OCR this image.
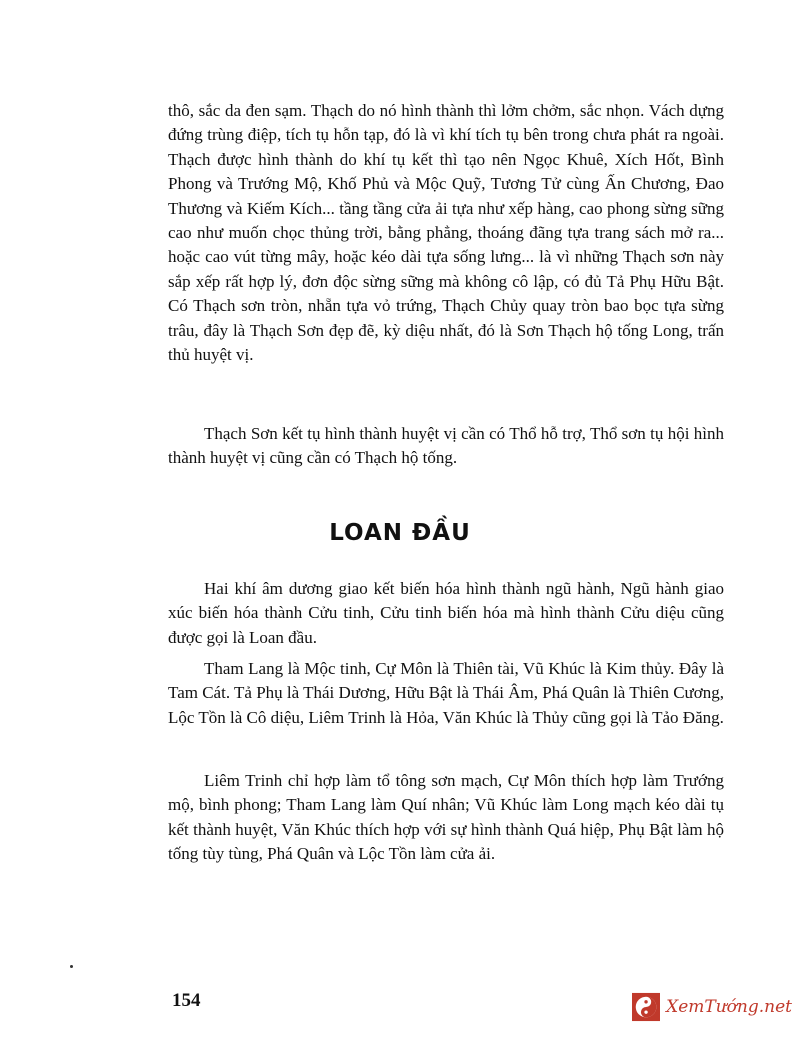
thô, sắc da đen sạm. Thạch do nó hình thành thì lởm chởm, sắc nhọn. Vách dựng đứng trùng điệp, tích tụ hỗn tạp, đó là vì khí tích tụ bên trong chưa phát ra ngoài. Thạch được hình thành do khí tụ kết thì tạo nên Ngọc Khuê, Xích Hốt, Bình Phong và Trướng Mộ, Khố Phủ và Mộc Quỹ, Tương Tử cùng Ấn Chương, Đao Thương và Kiếm Kích... tầng tầng cửa ải tựa như xếp hàng, cao phong sừng sững cao như muốn chọc thủng trời, bằng phẳng, thoáng đãng tựa trang sách mở ra... hoặc cao vút từng mây, hoặc kéo dài tựa sống lưng... là vì những Thạch sơn này sắp xếp rất hợp lý, đơn độc sừng sững mà không cô lập, có đủ Tả Phụ Hữu Bật. Có Thạch sơn tròn, nhẵn tựa vỏ trứng, Thạch Chủy quay tròn bao bọc tựa sừng trâu, đây là Thạch Sơn đẹp đẽ, kỳ diệu nhất, đó là Sơn Thạch hộ tống Long, trấn thủ huyệt vị.

Thạch Sơn kết tụ hình thành huyệt vị cần có Thổ hỗ trợ, Thổ sơn tụ hội hình thành huyệt vị cũng cần có Thạch hộ tống.

LOAN ĐẦU

Hai khí âm dương giao kết biến hóa hình thành ngũ hành, Ngũ hành giao xúc biến hóa thành Cửu tinh, Cửu tinh biến hóa mà hình thành Cửu diệu cũng được gọi là Loan đầu.

Tham Lang là Mộc tinh, Cự Môn là Thiên tài, Vũ Khúc là Kim thủy. Đây là Tam Cát. Tả Phụ là Thái Dương, Hữu Bật là Thái Âm, Phá Quân là Thiên Cương, Lộc Tồn là Cô diệu, Liêm Trinh là Hỏa, Văn Khúc là Thủy cũng gọi là Tảo Đăng.

Liêm Trinh chỉ hợp làm tổ tông sơn mạch, Cự Môn thích hợp làm Trướng mộ, bình phong; Tham Lang làm Quí nhân; Vũ Khúc làm Long mạch kéo dài tụ kết thành huyệt, Văn Khúc thích hợp với sự hình thành Quá hiệp, Phụ Bật làm hộ tống tùy tùng, Phá Quân và Lộc Tồn làm cửa ải.

154	XemTướng.net
